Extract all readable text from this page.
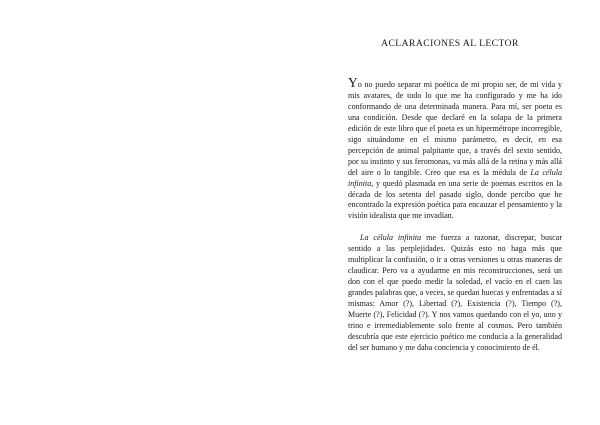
ACLARACIONES AL LECTOR

Yo no puedo separar mi poética de mi propio ser, de mi vida y mis avatares, de todo lo que me ha configurado y me ha ido conformando de una determinada manera. Para mí, ser poeta es una condición. Desde que declaré en la solapa de la primera edición de este libro que el poeta es un hipermétrope incorregible, sigo situándome en el mismo parámetro, es decir, en esa percepción de animal palpitante que, a través del sexto sentido, por su instinto y sus feromonas, va más allá de la retina y más allá del aire o lo tangible. Creo que esa es la médula de La célula infinita, y quedó plasmada en una serie de poemas escritos en la década de los setenta del pasado siglo, donde percibo que he encontrado la expresión poética para encauzar el pensamiento y la visión idealista que me invadían.

La célula infinita me fuerza a razonar, discrepar, buscar sentido a las perplejidades. Quizás esto no haga más que multiplicar la confusión, o ir a otras versiones u otras maneras de claudicar. Pero va a ayudarme en mis reconstrucciones, será un don con el que puedo medir la soledad, el vacío en el caen las grandes palabras que, a veces, se quedan huecas y enfrentadas a sí mismas: Amor (?), Libertad (?), Existencia (?), Tiempo (?), Muerte (?), Felicidad (?). Y nos vamos quedando con el yo, uno y trino e irremediablemente solo frente al cosmos. Pero también descubría que este ejercicio poético me conducía a la generalidad del ser humano y me daba conciencia y conocimiento de él.
